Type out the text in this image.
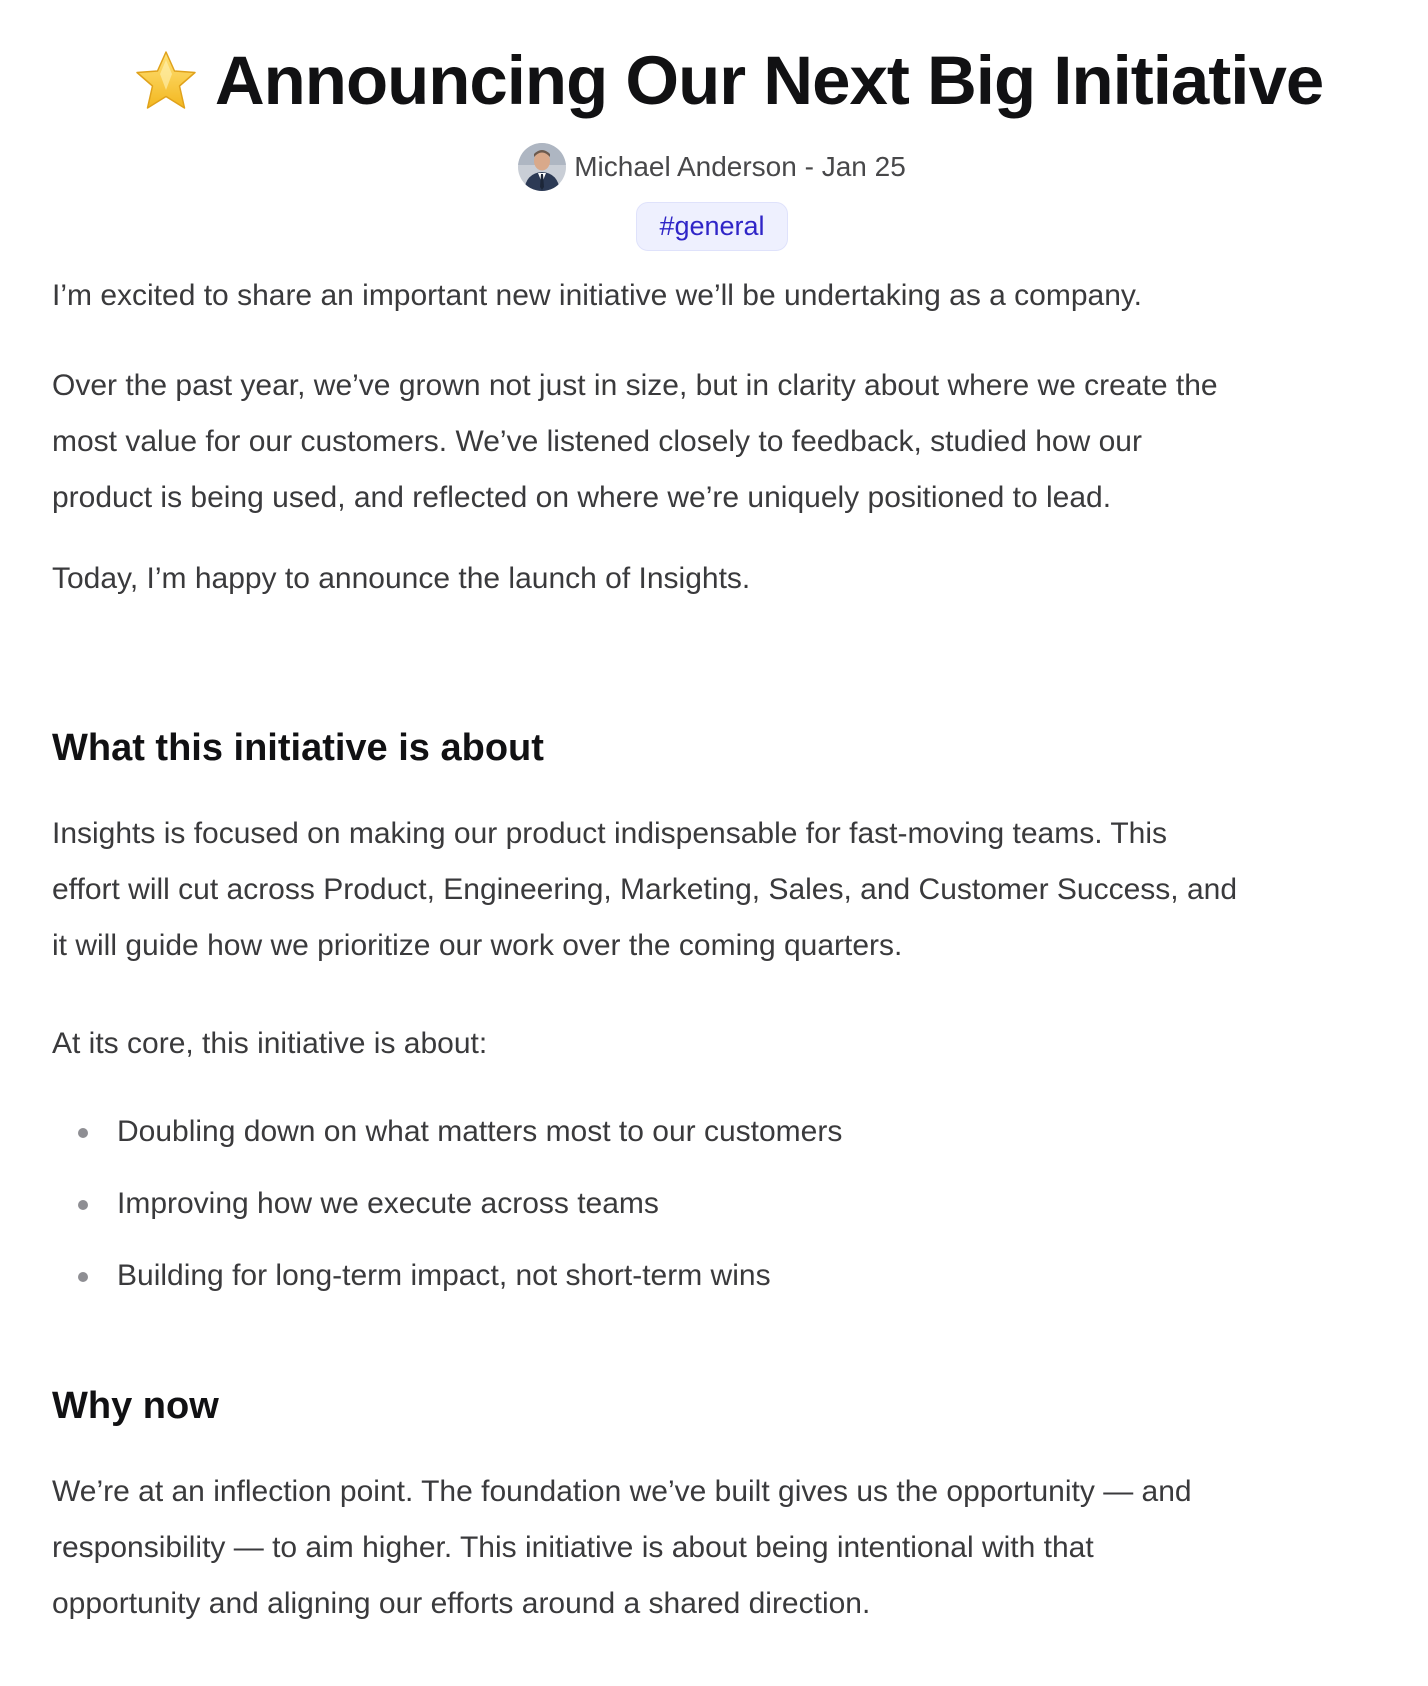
Announcing Our Next Big Initiative
Michael Anderson - Jan 25
#general

I’m excited to share an important new initiative we’ll be undertaking as a company.

Over the past year, we’ve grown not just in size, but in clarity about where we create the
most value for our customers. We’ve listened closely to feedback, studied how our
product is being used, and reflected on where we’re uniquely positioned to lead.

Today, I’m happy to announce the launch of Insights.

What this initiative is about
Insights is focused on making our product indispensable for fast-moving teams. This
effort will cut across Product, Engineering, Marketing, Sales, and Customer Success, and
it will guide how we prioritize our work over the coming quarters.

At its core, this initiative is about:

Doubling down on what matters most to our customers
Improving how we execute across teams
Building for long-term impact, not short-term wins
Why now
We’re at an inflection point. The foundation we’ve built gives us the opportunity — and
responsibility — to aim higher. This initiative is about being intentional with that
opportunity and aligning our efforts around a shared direction.
